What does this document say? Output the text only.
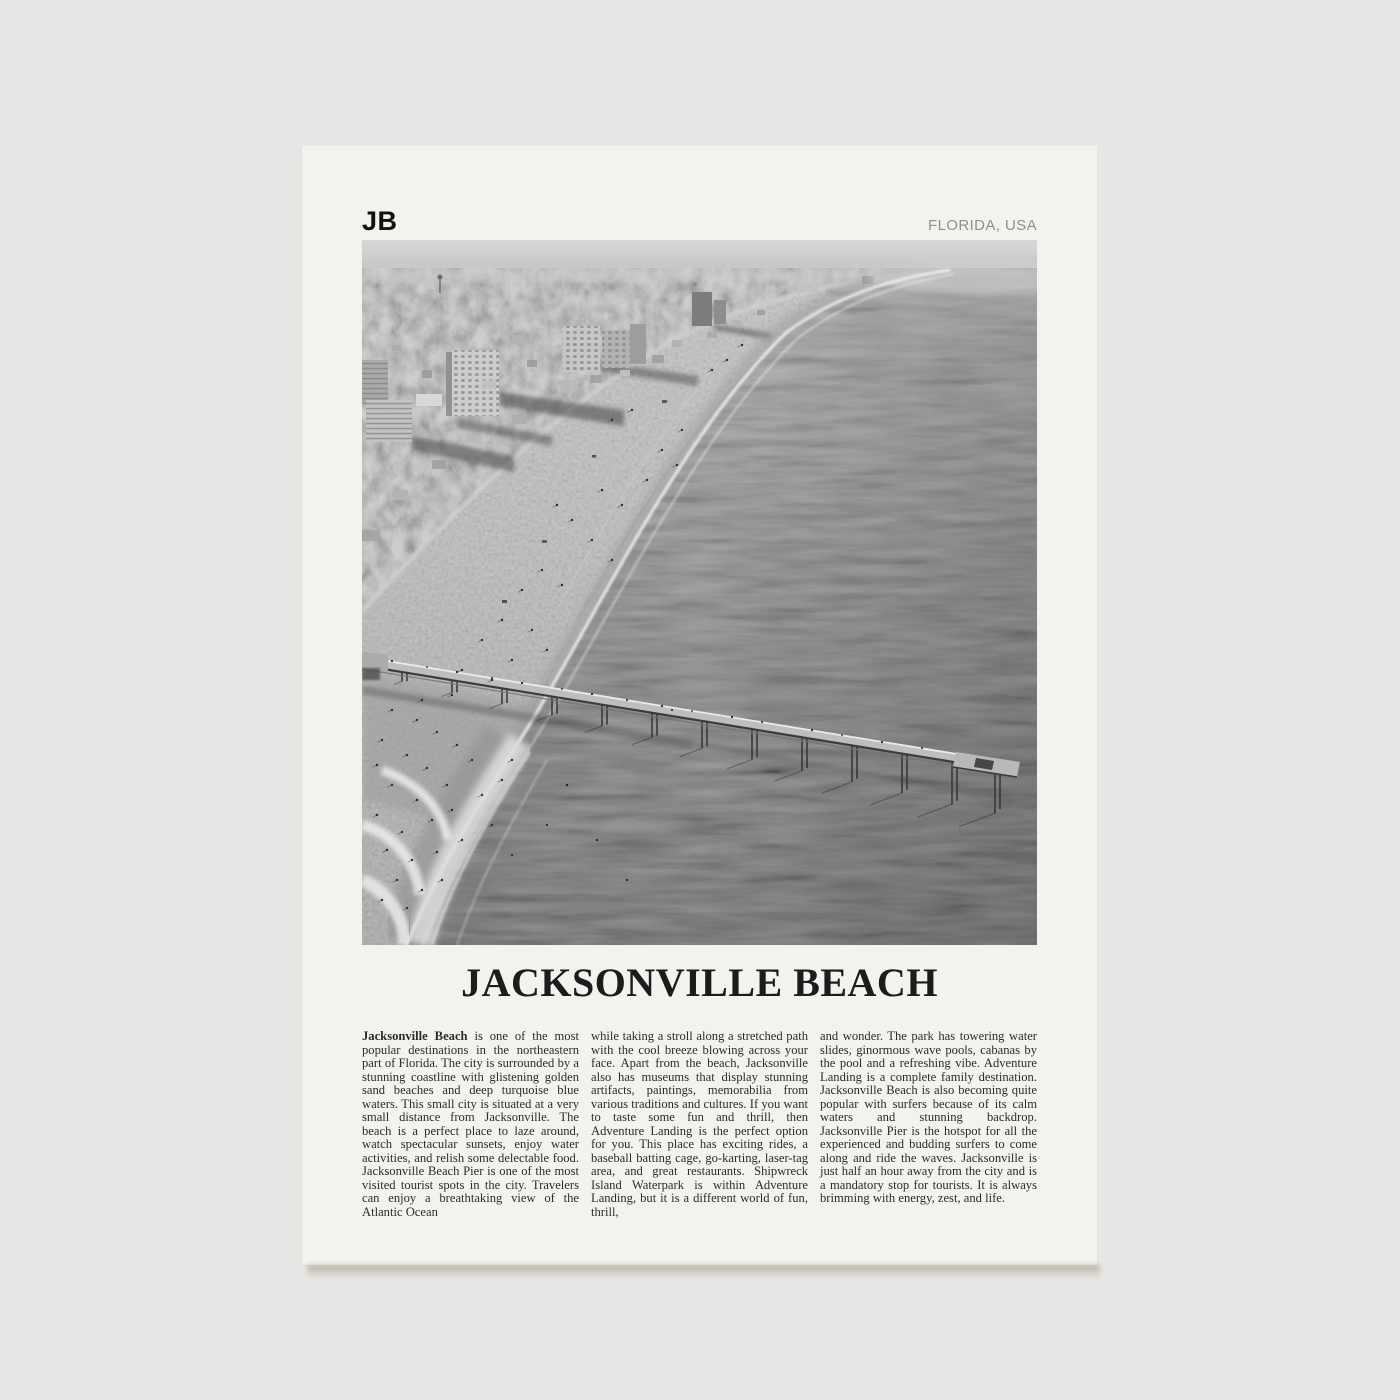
JB	FLORIDA, USA
JACKSONVILLE BEACH
Jacksonville Beach is one of the most popular destinations in the northeastern part of Florida. The city is surrounded by a stunning coastline with glistening golden sand beaches and deep turquoise blue waters. This small city is situated at a very small distance from Jacksonville. The beach is a perfect place to laze around, watch spectacular sunsets, enjoy water activities, and relish some delectable food. Jacksonville Beach Pier is one of the most visited tourist spots in the city. Travelers can enjoy a breathtaking view of the Atlantic Ocean
while taking a stroll along a stretched path with the cool breeze blowing across your face. Apart from the beach, Jacksonville also has museums that display stunning artifacts, paintings, memorabilia from various traditions and cultures. If you want to taste some fun and thrill, then Adventure Landing is the perfect option for you. This place has exciting rides, a baseball batting cage, go-karting, laser-tag area, and great restaurants. Shipwreck Island Waterpark is within Adventure Landing, but it is a different world of fun, thrill,
and wonder. The park has towering water slides, ginormous wave pools, cabanas by the pool and a refreshing vibe. Adventure Landing is a complete family destination. Jacksonville Beach is also becoming quite popular with surfers because of its calm waters and stunning backdrop. Jacksonville Pier is the hotspot for all the experienced and budding surfers to come along and ride the waves. Jacksonville is just half an hour away from the city and is a mandatory stop for tourists. It is always brimming with energy, zest, and life.
